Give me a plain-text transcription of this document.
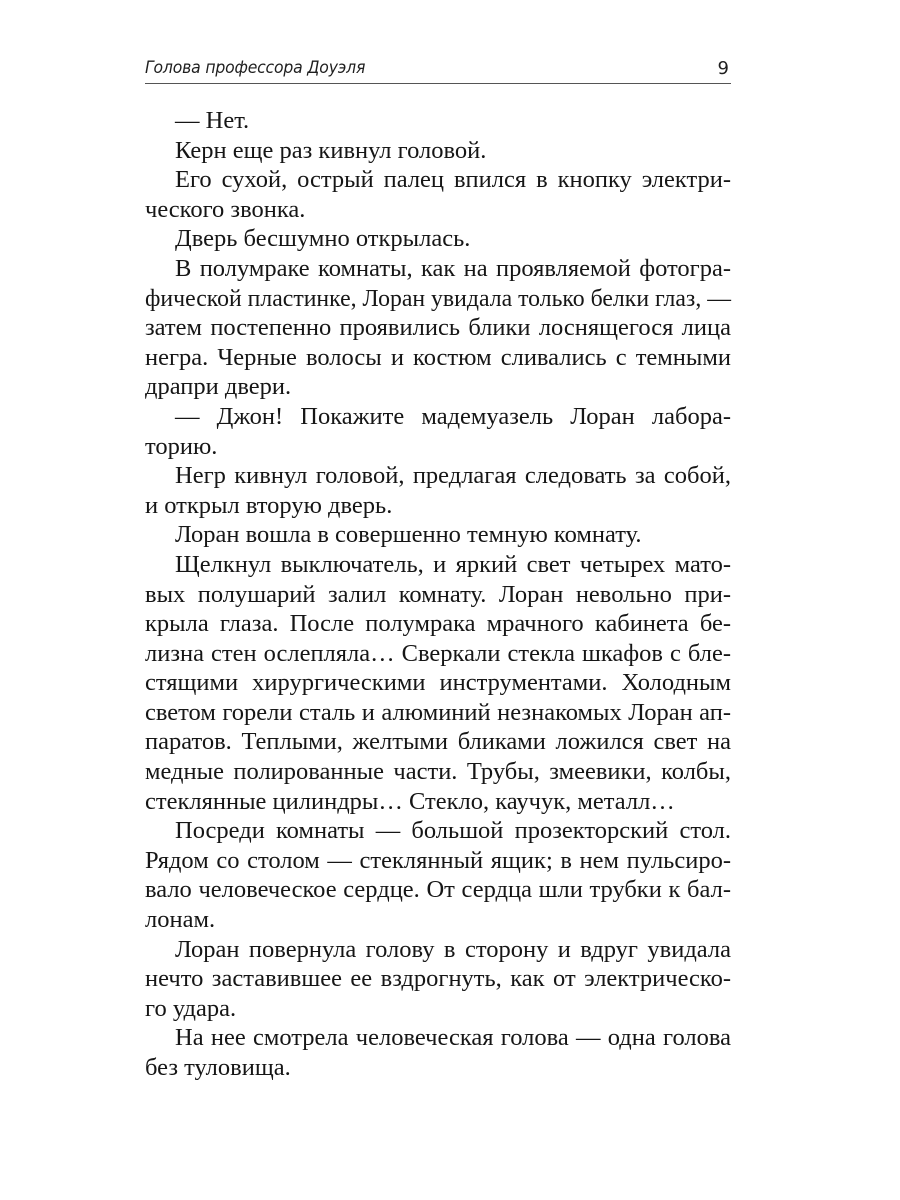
Голова профессора Доуэля	9
— Нет.
Керн еще раз кивнул головой.
Его сухой, острый палец впился в кнопку электри-
ческого звонка.
Дверь бесшумно открылась.
В полумраке комнаты, как на проявляемой фотогра-
фической пластинке, Лоран увидала только белки глаз, —
затем постепенно проявились блики лоснящегося лица
негра. Черные волосы и костюм сливались с темными
драпри двери.
— Джон! Покажите мадемуазель Лоран лабора-
торию.
Негр кивнул головой, предлагая следовать за собой,
и открыл вторую дверь.
Лоран вошла в совершенно темную комнату.
Щелкнул выключатель, и яркий свет четырех мато-
вых полушарий залил комнату. Лоран невольно при-
крыла глаза. После полумрака мрачного кабинета бе-
лизна стен ослепляла… Сверкали стекла шкафов с бле-
стящими хирургическими инструментами. Холодным
светом горели сталь и алюминий незнакомых Лоран ап-
паратов. Теплыми, желтыми бликами ложился свет на
медные полированные части. Трубы, змеевики, колбы,
стеклянные цилиндры… Стекло, каучук, металл…
Посреди комнаты — большой прозекторский стол.
Рядом со столом — стеклянный ящик; в нем пульсиро-
вало человеческое сердце. От сердца шли трубки к бал-
лонам.
Лоран повернула голову в сторону и вдруг увидала
нечто заставившее ее вздрогнуть, как от электрическо-
го удара.
На нее смотрела человеческая голова — одна голова
без туловища.
